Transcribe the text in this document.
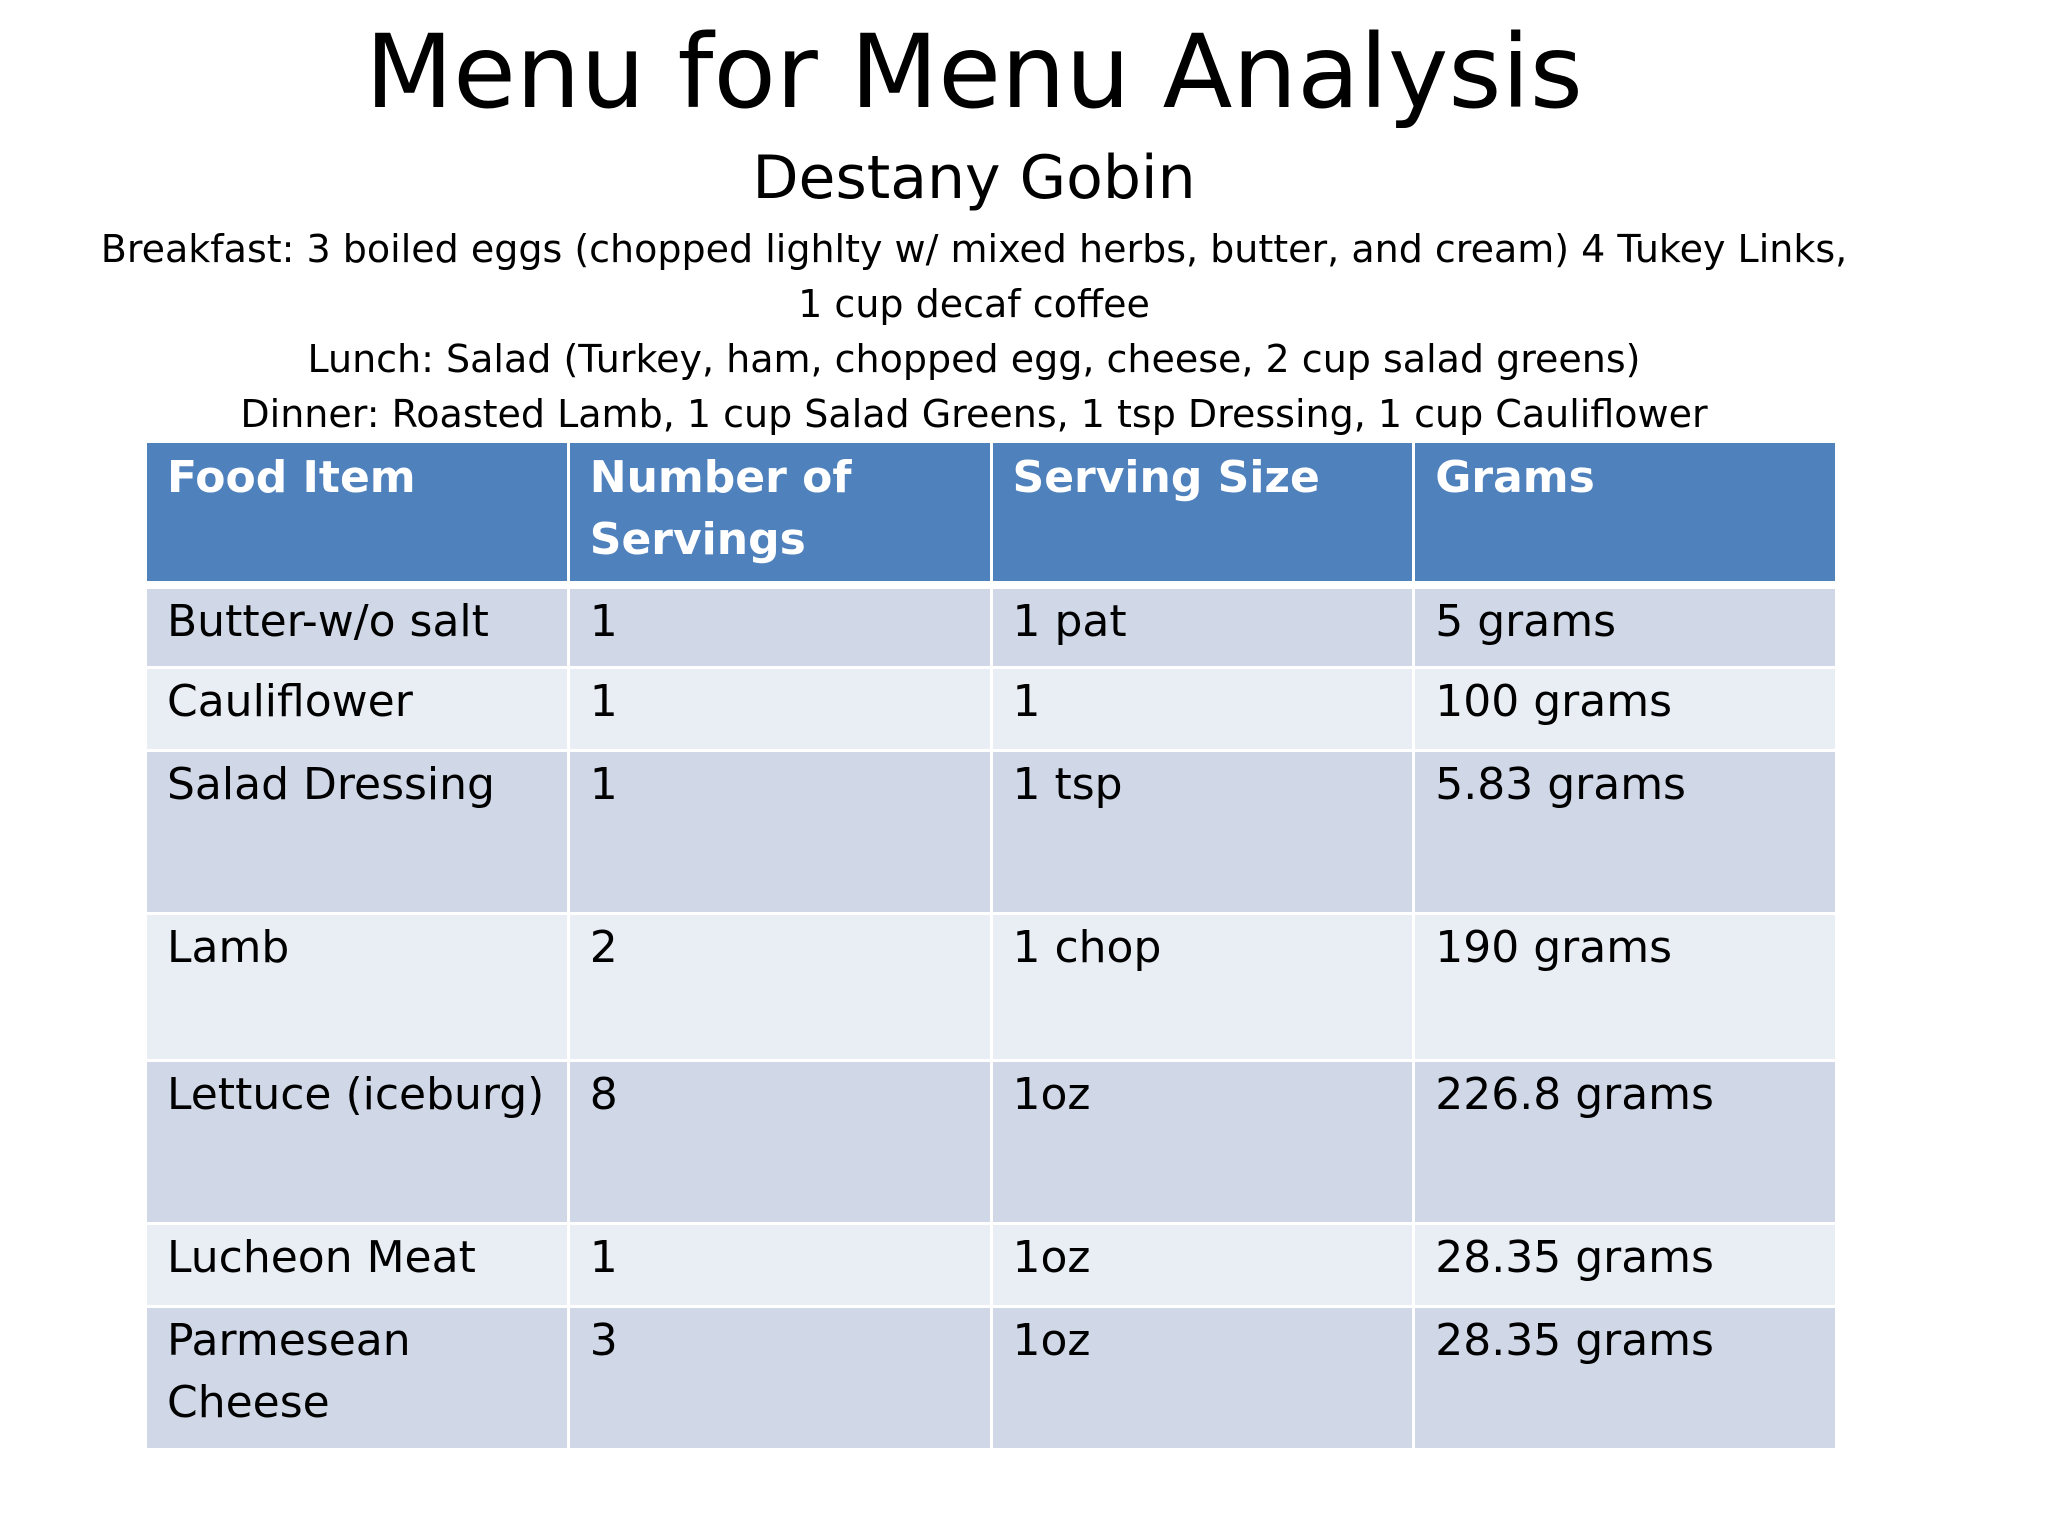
Menu for Menu Analysis
Destany Gobin
Breakfast: 3 boiled eggs (chopped lighlty w/ mixed herbs, butter, and cream) 4 Tukey Links,
1 cup decaf coffee
Lunch: Salad (Turkey, ham, chopped egg, cheese, 2 cup salad greens)
Dinner: Roasted Lamb, 1 cup Salad Greens, 1 tsp Dressing, 1 cup Cauliflower
Food Item	Number of Servings	Serving Size	Grams
Butter-w/o salt	1	1 pat	5 grams
Cauliflower	1	1	100 grams
Salad Dressing	1	1 tsp	5.83 grams
Lamb	2	1 chop	190 grams
Lettuce (iceburg)	8	1oz	226.8 grams
Lucheon Meat	1	1oz	28.35 grams
Parmesean Cheese	3	1oz	28.35 grams
